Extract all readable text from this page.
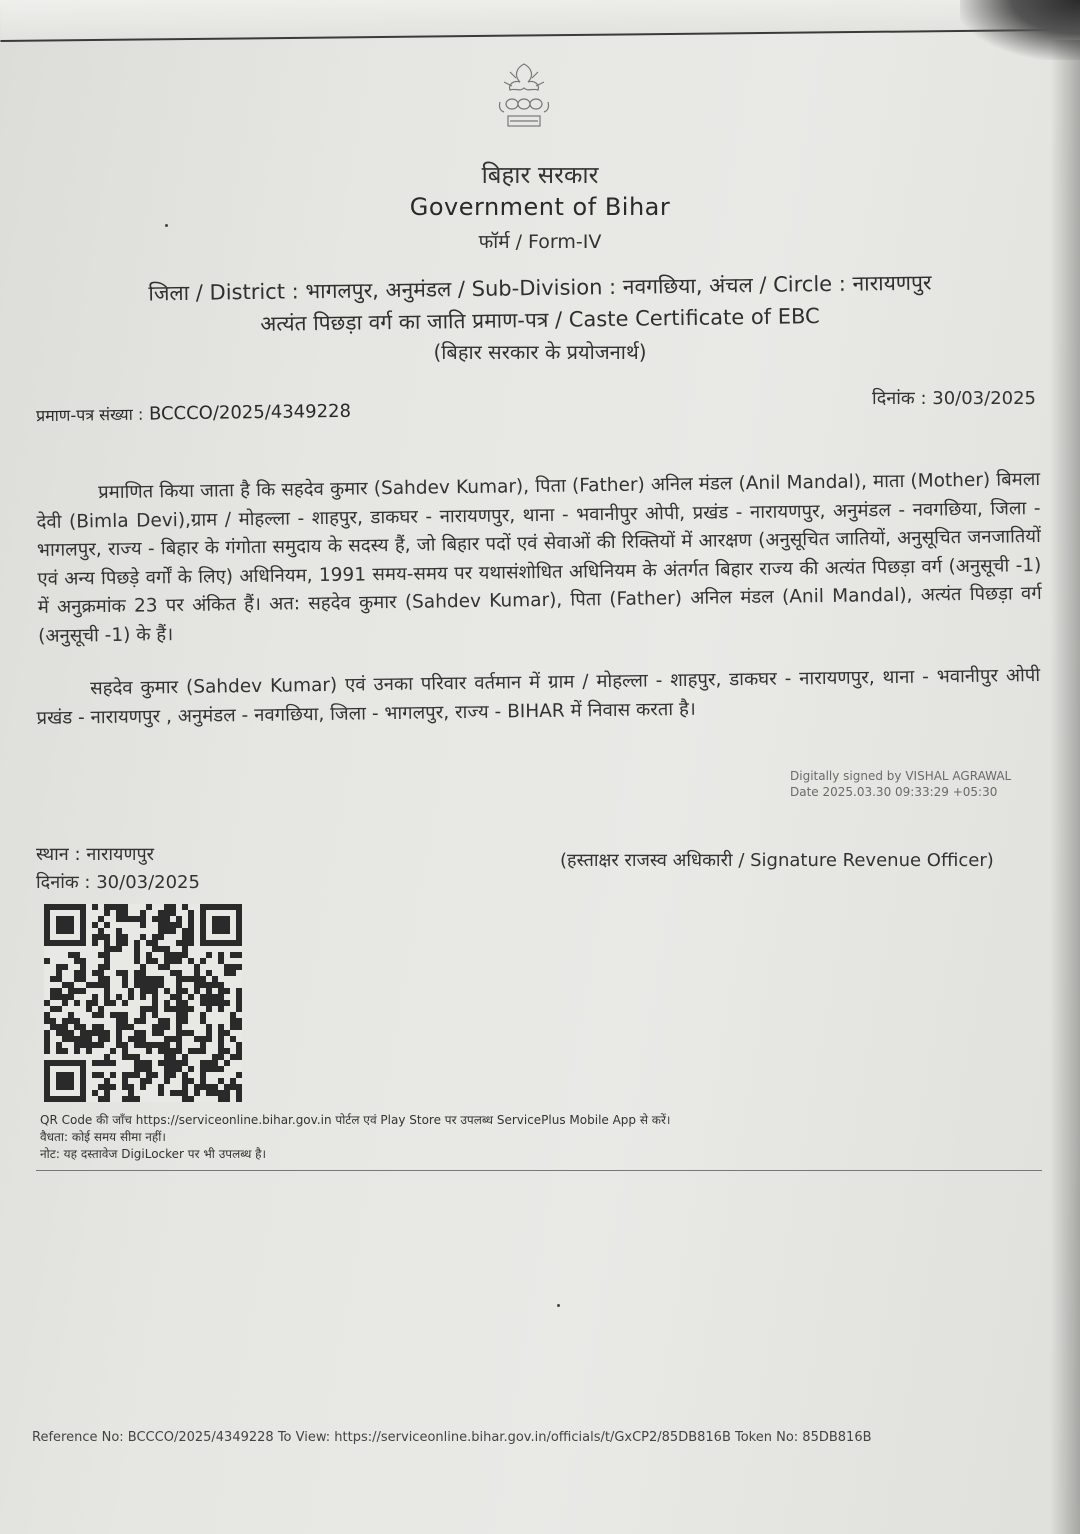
बिहार सरकार
Government of Bihar
फॉर्म / Form-IV
जिला / District : भागलपुर, अनुमंडल / Sub-Division : नवगछिया, अंचल / Circle : नारायणपुर
अत्यंत पिछड़ा वर्ग का जाति प्रमाण-पत्र / Caste Certificate of EBC
(बिहार सरकार के प्रयोजनार्थ)
प्रमाण-पत्र संख्या : BCCCO/2025/4349228
दिनांक : 30/03/2025
प्रमाणित किया जाता है कि सहदेव कुमार (Sahdev Kumar), पिता (Father) अनिल मंडल (Anil Mandal), माता (Mother) बिमला देवी (Bimla Devi),ग्राम / मोहल्ला - शाहपुर, डाकघर - नारायणपुर, थाना - भवानीपुर ओपी, प्रखंड - नारायणपुर, अनुमंडल - नवगछिया, जिला - भागलपुर, राज्य - बिहार के गंगोता समुदाय के सदस्य हैं, जो बिहार पदों एवं सेवाओं की रिक्तियों में आरक्षण (अनुसूचित जातियों, अनुसूचित जनजातियों एवं अन्य पिछड़े वर्गों के लिए) अधिनियम, 1991 समय-समय पर यथासंशोधित अधिनियम के अंतर्गत बिहार राज्य की अत्यंत पिछड़ा वर्ग (अनुसूची -1) में अनुक्रमांक 23 पर अंकित हैं। अत: सहदेव कुमार (Sahdev Kumar), पिता (Father) अनिल मंडल (Anil Mandal), अत्यंत पिछड़ा वर्ग (अनुसूची -1) के हैं।
सहदेव कुमार (Sahdev Kumar) एवं उनका परिवार वर्तमान में ग्राम / मोहल्ला - शाहपुर, डाकघर - नारायणपुर, थाना - भवानीपुर ओपी प्रखंड - नारायणपुर , अनुमंडल - नवगछिया, जिला - भागलपुर, राज्य - BIHAR में निवास करता है।
Digitally signed by VISHAL AGRAWAL
Date 2025.03.30 09:33:29 +05:30
स्थान : नारायणपुर
दिनांक : 30/03/2025
(हस्ताक्षर राजस्व अधिकारी / Signature Revenue Officer)
QR Code की जाँच https://serviceonline.bihar.gov.in पोर्टल एवं Play Store पर उपलब्ध ServicePlus Mobile App से करें।
वैधता: कोई समय सीमा नहीं।
नोट: यह दस्तावेज DigiLocker पर भी उपलब्ध है।
Reference No: BCCCO/2025/4349228 To View: https://serviceonline.bihar.gov.in/officials/t/GxCP2/85DB816B Token No: 85DB816B
